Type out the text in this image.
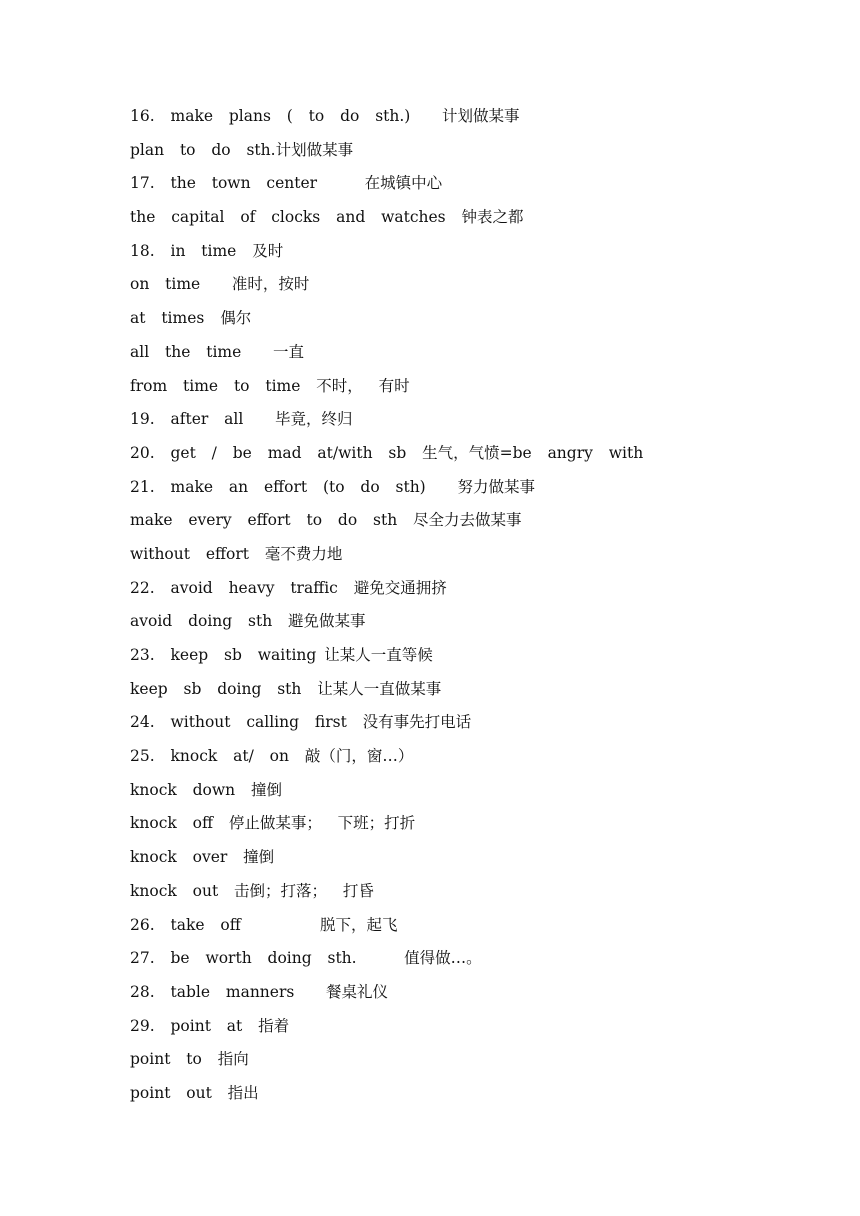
16.  make  plans  (  to  do  sth.)    计划做某事
plan  to  do  sth.计划做某事
17.  the  town  center      在城镇中心
the  capital  of  clocks  and  watches  钟表之都
18.  in  time  及时
on  time    准时，按时
at  times  偶尔
all  the  time    一直
from  time  to  time  不时，  有时
19.  after  all    毕竟，终归
20.  get  /  be  mad  at/with  sb  生气，气愤=be  angry  with
21.  make  an  effort  (to  do  sth)    努力做某事
make  every  effort  to  do  sth  尽全力去做某事
without  effort  毫不费力地
22.  avoid  heavy  traffic  避免交通拥挤
avoid  doing  sth  避免做某事
23.  keep  sb  waiting 让某人一直等候
keep  sb  doing  sth  让某人一直做某事
24.  without  calling  first  没有事先打电话
25.  knock  at/  on  敲（门，窗…）
knock  down  撞倒
knock  off  停止做某事；  下班；打折
knock  over  撞倒
knock  out  击倒；打落；  打昏
26.  take  off          脱下，起飞
27.  be  worth  doing  sth.      值得做…。
28.  table  manners    餐桌礼仪
29.  point  at  指着
point  to  指向
point  out  指出
